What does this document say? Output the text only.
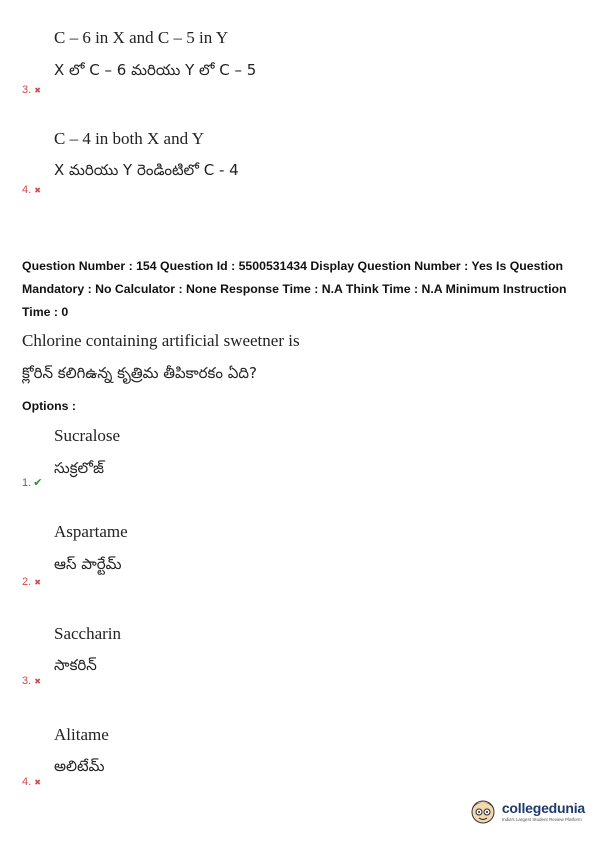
C – 6 in X and C – 5 in Y
X లో C – 6 మరియు Y లో C – 5
3. ✖
C – 4 in both X and Y
X మరియు Y రెండింటిలో C - 4
4. ✖
Question Number : 154 Question Id : 5500531434 Display Question Number : Yes Is Question Mandatory : No Calculator : None Response Time : N.A Think Time : N.A Minimum Instruction Time : 0
Chlorine containing artificial sweetner is
క్లోరిన్ కలిగిఉన్న కృత్రిమ తీపికారకం ఏది?
Options :
Sucralose
సుక్రలోజ్
1. ✔
Aspartame
ఆస్ పార్టేమ్
2. ✖
Saccharin
సాకరిన్
3. ✖
Alitame
అలిటేమ్
4. ✖
collegedunia
India's Largest Student Review Platform
